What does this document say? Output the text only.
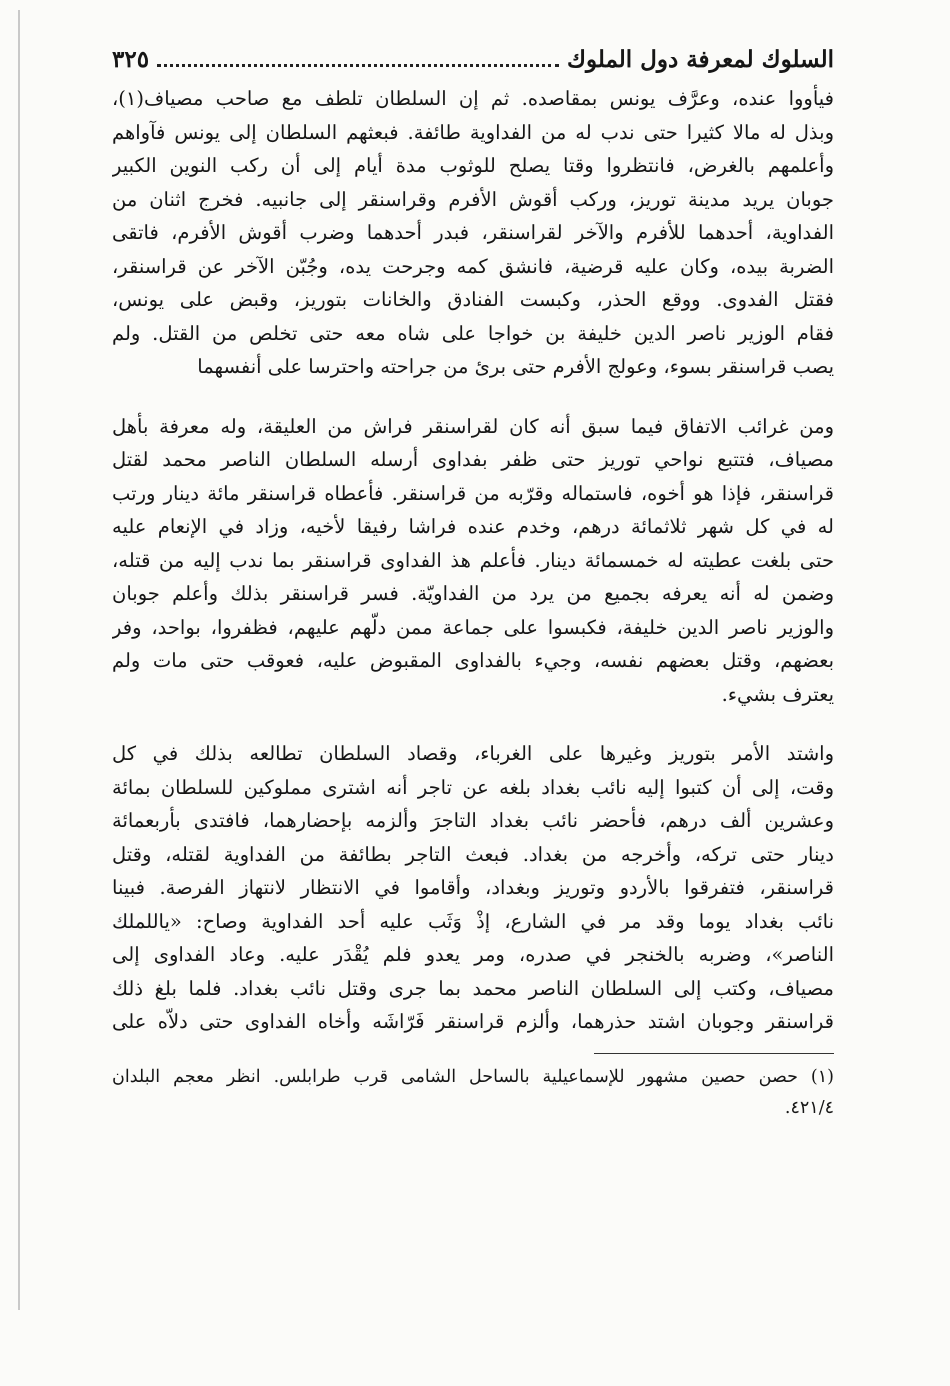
السلوك لمعرفة دول الملوك
٣٢٥
فيأووا عنده، وعرَّف يونس بمقاصده. ثم إن السلطان تلطف مع صاحب مصياف(١)،
وبذل له مالا كثيرا حتى ندب له من الفداوية طائفة. فبعثهم السلطان إلى يونس فآواهم
وأعلمهم بالغرض، فانتظروا وقتا يصلح للوثوب مدة أيام إلى أن ركب النوين الكبير
جوبان يريد مدينة توريز، وركب أقوش الأفرم وقراسنقر إلى جانبيه. فخرج اثنان من
الفداوية، أحدهما للأفرم والآخر لقراسنقر، فبدر أحدهما وضرب أقوش الأفرم، فاتقى
الضربة بيده، وكان عليه قرضية، فانشق كمه وجرحت يده، وجُبّن الآخر عن قراسنقر،
فقتل الفدوى. ووقع الحذر، وكبست الفنادق والخانات بتوريز، وقبض على يونس،
فقام الوزير ناصر الدين خليفة بن خواجا على شاه معه حتى تخلص من القتل. ولم
يصب قراسنقر بسوء، وعولج الأفرم حتى برئ من جراحته واحترسا على أنفسهما
ومن غرائب الاتفاق فيما سبق أنه كان لقراسنقر فراش من العليقة، وله معرفة بأهل
مصياف، فتتبع نواحي توريز حتى ظفر بفداوى أرسله السلطان الناصر محمد لقتل
قراسنقر، فإذا هو أخوه، فاستماله وقرّبه من قراسنقر. فأعطاه قراسنقر مائة دينار ورتب
له في كل شهر ثلاثمائة درهم، وخدم عنده فراشا رفيقا لأخيه، وزاد في الإنعام عليه
حتى بلغت عطيته له خمسمائة دينار. فأعلم هذ الفداوى قراسنقر بما ندب إليه من قتله،
وضمن له أنه يعرفه بجميع من يرد من الفداويّة. فسر قراسنقر بذلك وأعلم جوبان
والوزير ناصر الدين خليفة، فكبسوا على جماعة ممن دلّهم عليهم، فظفروا، بواحد، وفر
بعضهم، وقتل بعضهم نفسه، وجيء بالفداوى المقبوض عليه، فعوقب حتى مات ولم
يعترف بشيء.
واشتد الأمر بتوريز وغيرها على الغرباء، وقصاد السلطان تطالعه بذلك في كل
وقت، إلى أن كتبوا إليه نائب بغداد بلغه عن تاجر أنه اشترى مملوكين للسلطان بمائة
وعشرين ألف درهم، فأحضر نائب بغداد التاجرَ وألزمه بإحضارهما، فافتدى بأربعمائة
دينار حتى تركه، وأخرجه من بغداد. فبعث التاجر بطائفة من الفداوية لقتله، وقتل
قراسنقر، فتفرقوا بالأردو وتوريز وبغداد، وأقاموا في الانتظار لانتهاز الفرصة. فبينا
نائب بغداد يوما وقد مر في الشارع، إذْ وَثَب عليه أحد الفداوية وصاح: «ياللملك
الناصر»، وضربه بالخنجر في صدره، ومر يعدو فلم يُقْدَر عليه. وعاد الفداوى إلى
مصياف، وكتب إلى السلطان الناصر محمد بما جرى وقتل نائب بغداد. فلما بلغ ذلك
قراسنقر وجوبان اشتد حذرهما، وألزم قراسنقر فَرّاشَه وأخاه الفداوى حتى دلاّه على
(١) حصن حصين مشهور للإسماعيلية بالساحل الشامى قرب طرابلس. انظر معجم البلدان
٤٢١/٤.
